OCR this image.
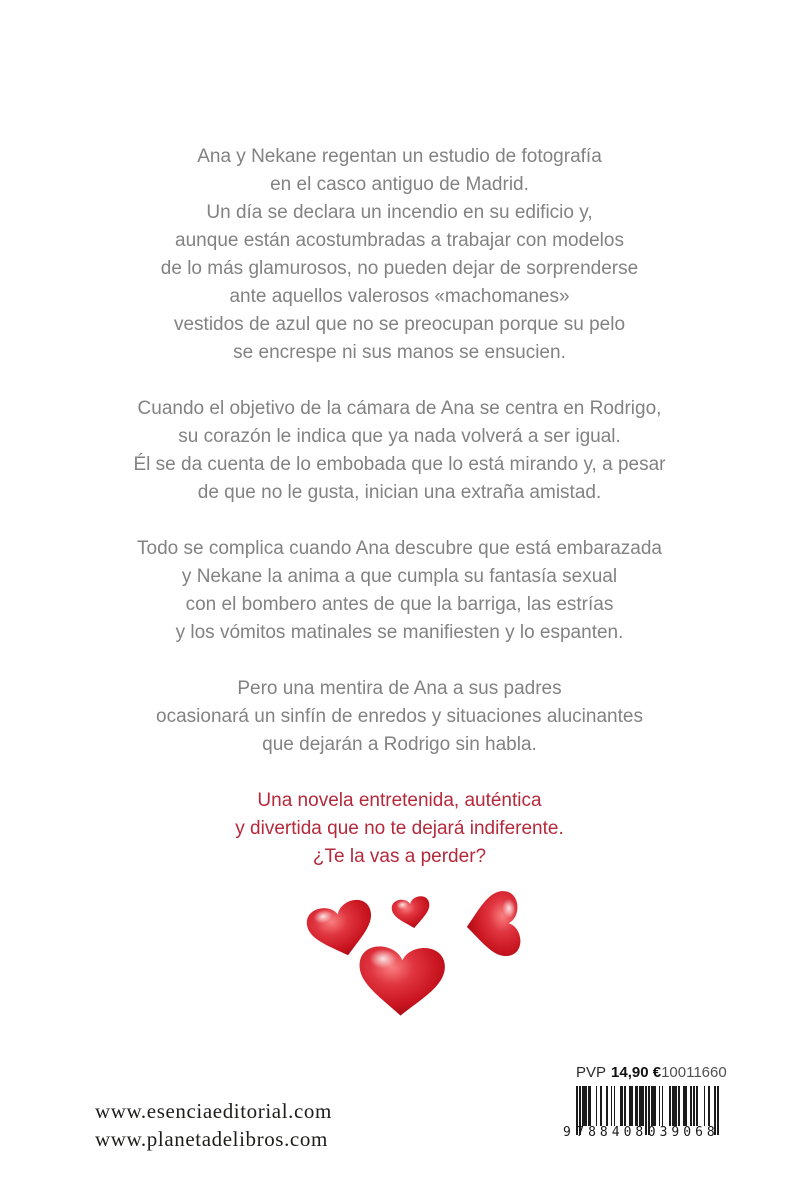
Ana y Nekane regentan un estudio de fotografía
en el casco antiguo de Madrid.
Un día se declara un incendio en su edificio y,
aunque están acostumbradas a trabajar con modelos
de lo más glamurosos, no pueden dejar de sorprenderse
ante aquellos valerosos «machomanes»
vestidos de azul que no se preocupan porque su pelo
se encrespe ni sus manos se ensucien.
Cuando el objetivo de la cámara de Ana se centra en Rodrigo,
su corazón le indica que ya nada volverá a ser igual.
Él se da cuenta de lo embobada que lo está mirando y, a pesar
de que no le gusta, inician una extraña amistad.
Todo se complica cuando Ana descubre que está embarazada
y Nekane la anima a que cumpla su fantasía sexual
con el bombero antes de que la barriga, las estrías
y los vómitos matinales se manifiesten y lo espanten.
Pero una mentira de Ana a sus padres
ocasionará un sinfín de enredos y situaciones alucinantes
que dejarán a Rodrigo sin habla.
Una novela entretenida, auténtica
y divertida que no te dejará indiferente.
¿Te la vas a perder?
www.esenciaeditorial.com
www.planetadelibros.com
PVP 14,90 € 10011660
9 788408 039068
